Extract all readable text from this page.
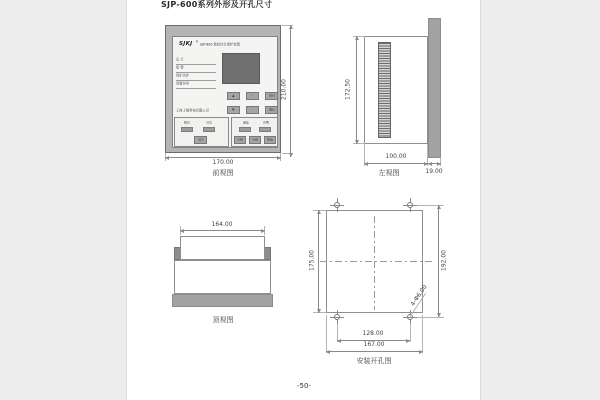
SJP-600系列外形及开孔尺寸
SJKJ ®
SJP-600 微机综合保护装置
运 行
报 警
保护动作
装置异常
▲	＋ 复归
▼	－ 确认
上海上继科技有限公司
跳位	合位
远方
储能 告警
合闸 分闸 就地
170.00
210.00
前视图
172.50
100.00
19.00
左视图
164.00
顶视图
175.00	192.00
4-Φ6.00
128.00
167.00
安装开孔图
-50-
